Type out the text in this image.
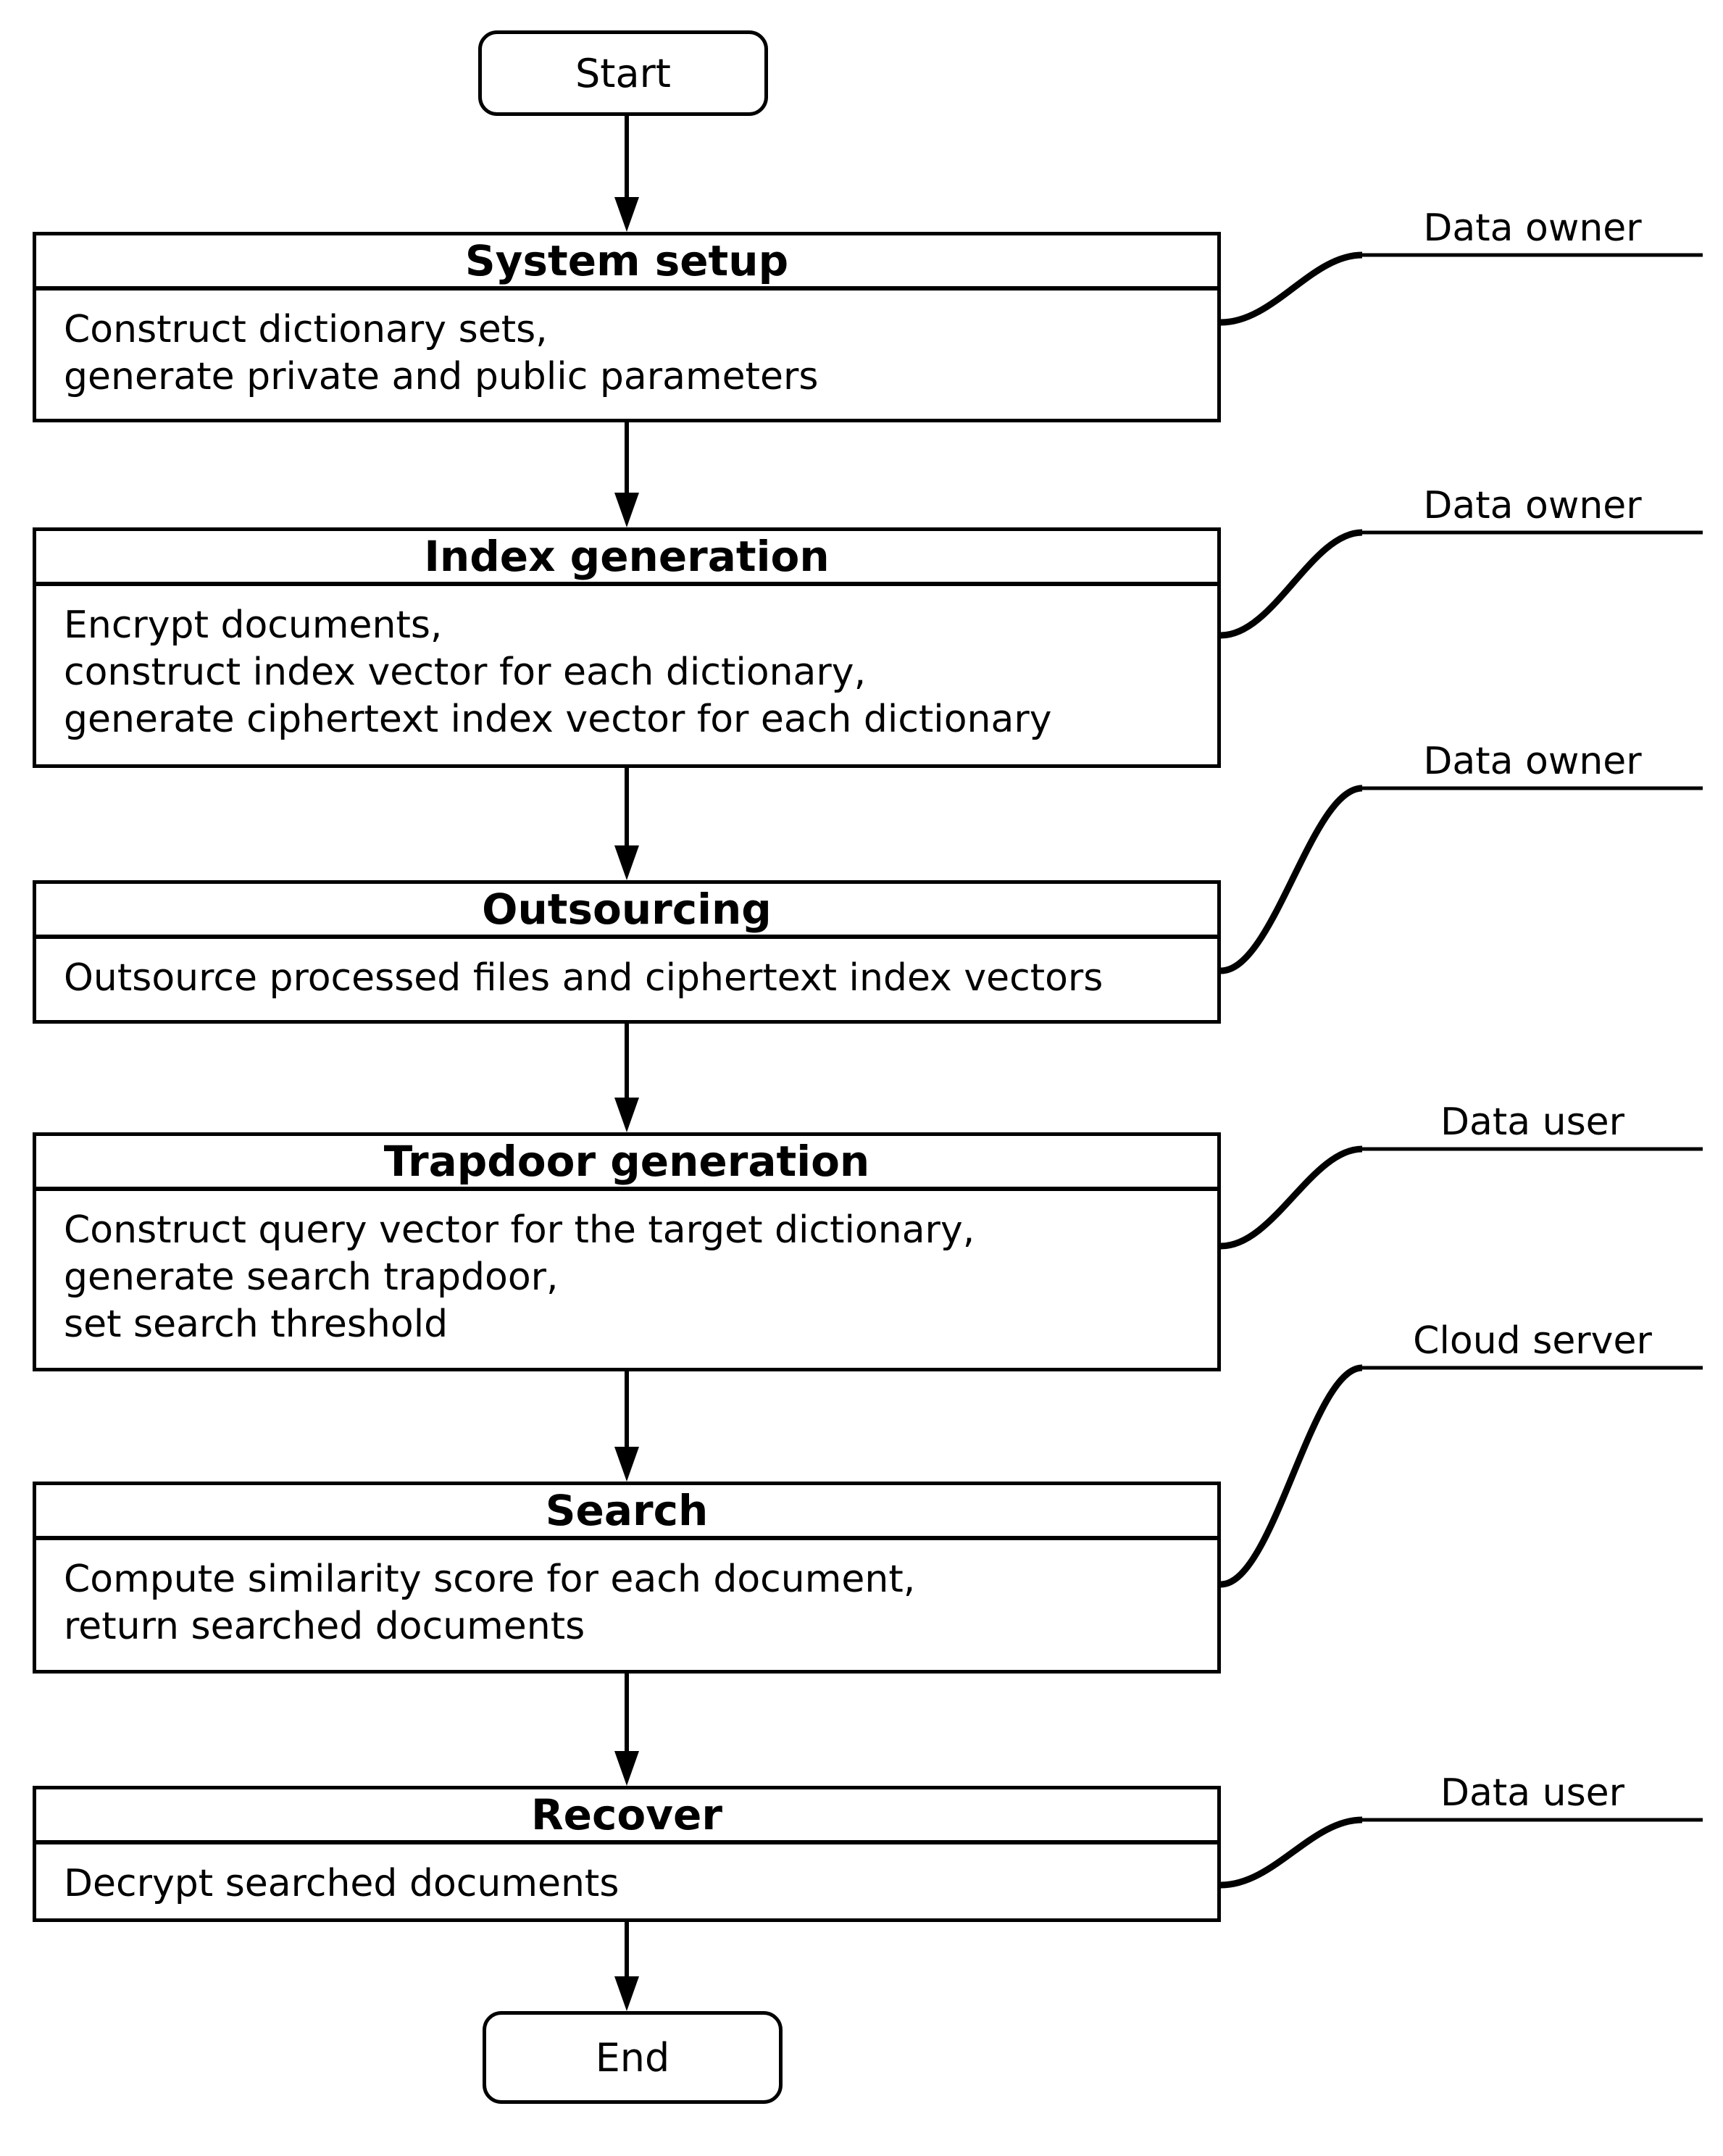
Start
System setup
Construct dictionary sets,
generate private and public parameters
Index generation
Encrypt documents,
construct index vector for each dictionary,
generate ciphertext index vector for each dictionary
Outsourcing
Outsource processed files and ciphertext index vectors
Trapdoor generation
Construct query vector for the target dictionary,
generate search trapdoor,
set search threshold
Search
Compute similarity score for each document,
return searched documents
Recover
Decrypt searched documents
End
Data owner
Data owner
Data owner
Data user
Cloud server
Data user
